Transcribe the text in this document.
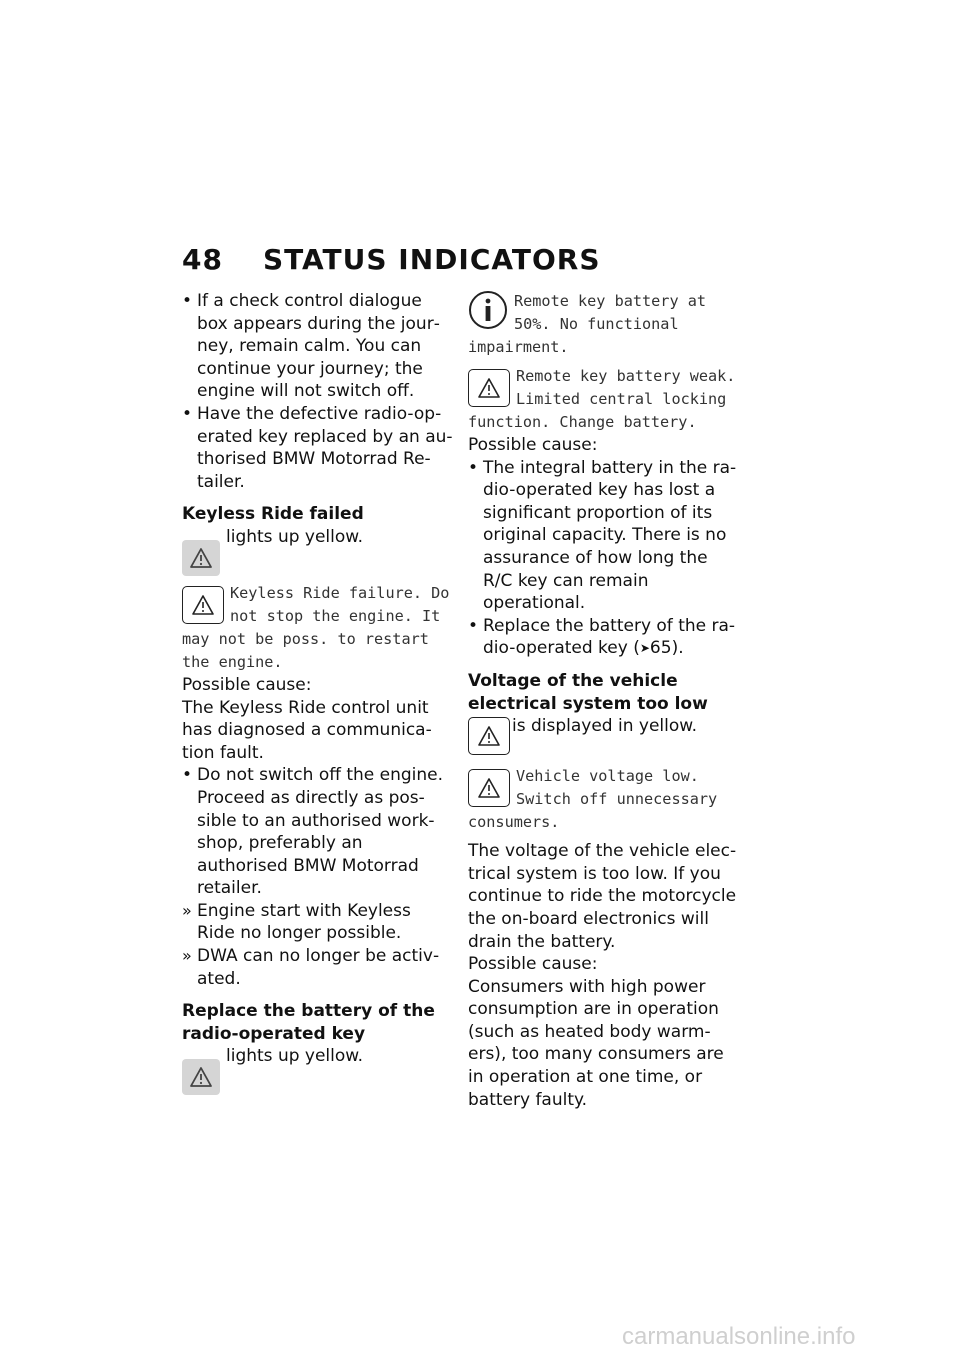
48 STATUS INDICATORS
• If a check control dialogue box appears during the journey, remain calm. You can continue your journey; the engine will not switch off.
• Have the defective radio-operated key replaced by an authorised BMW Motorrad Retailer.

Keyless Ride failed

lights up yellow.

Keyless Ride failure. Do not stop the engine. It may not be poss. to restart the engine.

Possible cause:

The Keyless Ride control unit has diagnosed a communication fault.

• Do not switch off the engine. Proceed as directly as possible to an authorised workshop, preferably an authorised BMW Motorrad retailer.
» Engine start with Keyless Ride no longer possible.
» DWA can no longer be activated.

Replace the battery of the radio-operated key

lights up yellow.

Remote key battery at 50%. No functional impairment.

Remote key battery weak. Limited central locking function. Change battery.

Possible cause:

• The integral battery in the radio-operated key has lost a significant proportion of its original capacity. There is no assurance of how long the R/C key can remain operational.
• Replace the battery of the radio-operated key (➤65).

Voltage of the vehicle electrical system too low

is displayed in yellow.

Vehicle voltage low. Switch off unnecessary consumers.

The voltage of the vehicle electrical system is too low. If you continue to ride the motorcycle the on-board electronics will drain the battery.

Possible cause:

Consumers with high power consumption are in operation (such as heated body warmers), too many consumers are in operation at one time, or battery faulty.

carmanualsonline.info
